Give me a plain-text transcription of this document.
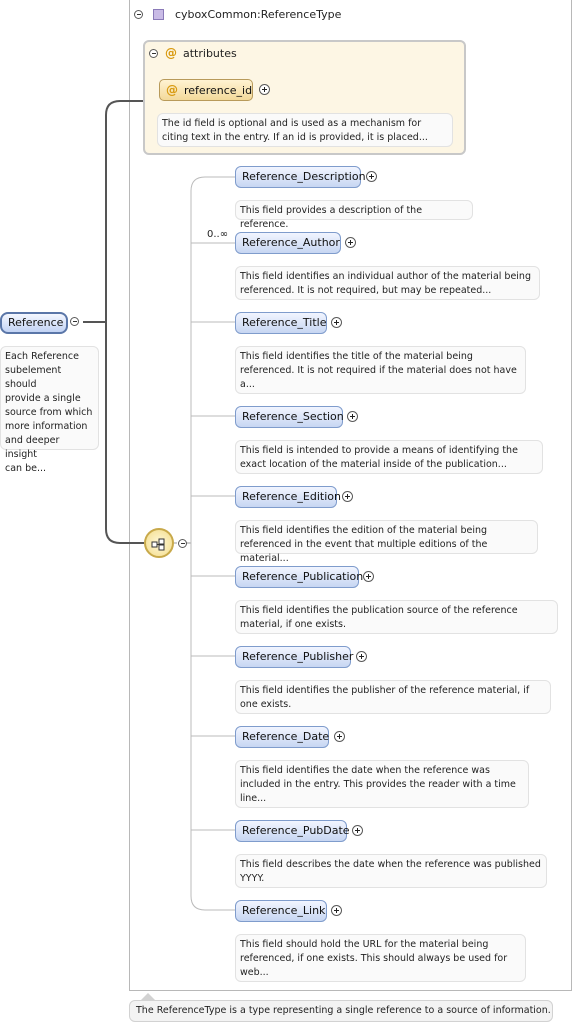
cyboxCommon:ReferenceType
@ attributes
@ reference_id
The id field is optional and is used as a mechanism for
citing text in the entry. If an id is provided, it is placed...
Reference
Each Reference
subelement should
provide a single
source from which
more information
and deeper insight
can be...
0..∞
Reference_Description
This field provides a description of the reference.
Reference_Author
This field identifies an individual author of the material being
referenced. It is not required, but may be repeated...
Reference_Title
This field identifies the title of the material being
referenced. It is not required if the material does not have
a...
Reference_Section
This field is intended to provide a means of identifying the
exact location of the material inside of the publication...
Reference_Edition
This field identifies the edition of the material being
referenced in the event that multiple editions of the material...
Reference_Publication
This field identifies the publication source of the reference
material, if one exists.
Reference_Publisher
This field identifies the publisher of the reference material, if
one exists.
Reference_Date
This field identifies the date when the reference was
included in the entry. This provides the reader with a time
line...
Reference_PubDate
This field describes the date when the reference was published
YYYY.
Reference_Link
This field should hold the URL for the material being
referenced, if one exists. This should always be used for
web...
The ReferenceType is a type representing a single reference to a source of information.
